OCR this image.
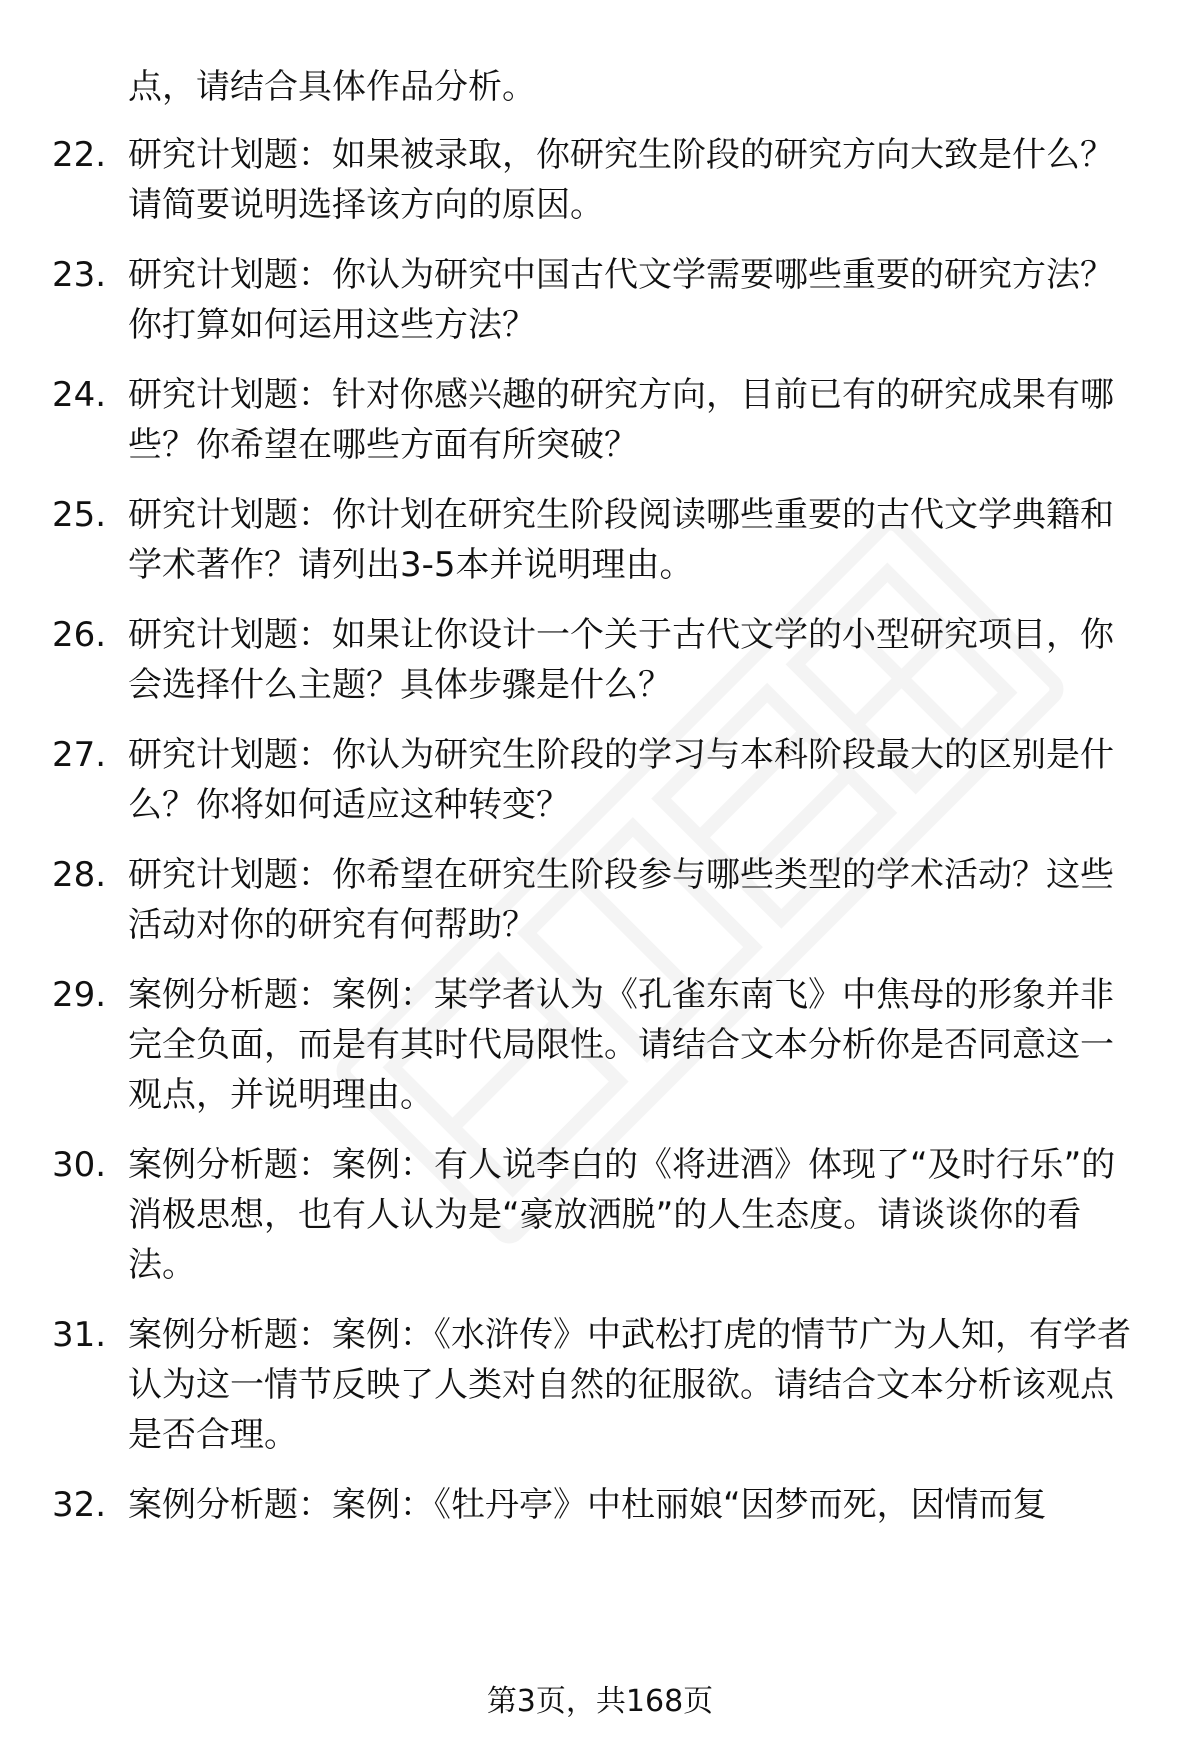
点，请结合具体作品分析。

22. 研究计划题：如果被录取，你研究生阶段的研究方向大致是什么？请简要说明选择该方向的原因。

23. 研究计划题：你认为研究中国古代文学需要哪些重要的研究方法？你打算如何运用这些方法？

24. 研究计划题：针对你感兴趣的研究方向，目前已有的研究成果有哪些？你希望在哪些方面有所突破？

25. 研究计划题：你计划在研究生阶段阅读哪些重要的古代文学典籍和学术著作？请列出3-5本并说明理由。

26. 研究计划题：如果让你设计一个关于古代文学的小型研究项目，你会选择什么主题？具体步骤是什么？

27. 研究计划题：你认为研究生阶段的学习与本科阶段最大的区别是什么？你将如何适应这种转变？

28. 研究计划题：你希望在研究生阶段参与哪些类型的学术活动？这些活动对你的研究有何帮助？

29. 案例分析题：案例：某学者认为《孔雀东南飞》中焦母的形象并非完全负面，而是有其时代局限性。请结合文本分析你是否同意这一观点，并说明理由。

30. 案例分析题：案例：有人说李白的《将进酒》体现了“及时行乐”的消极思想，也有人认为是“豪放洒脱”的人生态度。请谈谈你的看法。

31. 案例分析题：案例：《水浒传》中武松打虎的情节广为人知，有学者认为这一情节反映了人类对自然的征服欲。请结合文本分析该观点是否合理。

32. 案例分析题：案例：《牡丹亭》中杜丽娘“因梦而死，因情而复

第3页，共168页
